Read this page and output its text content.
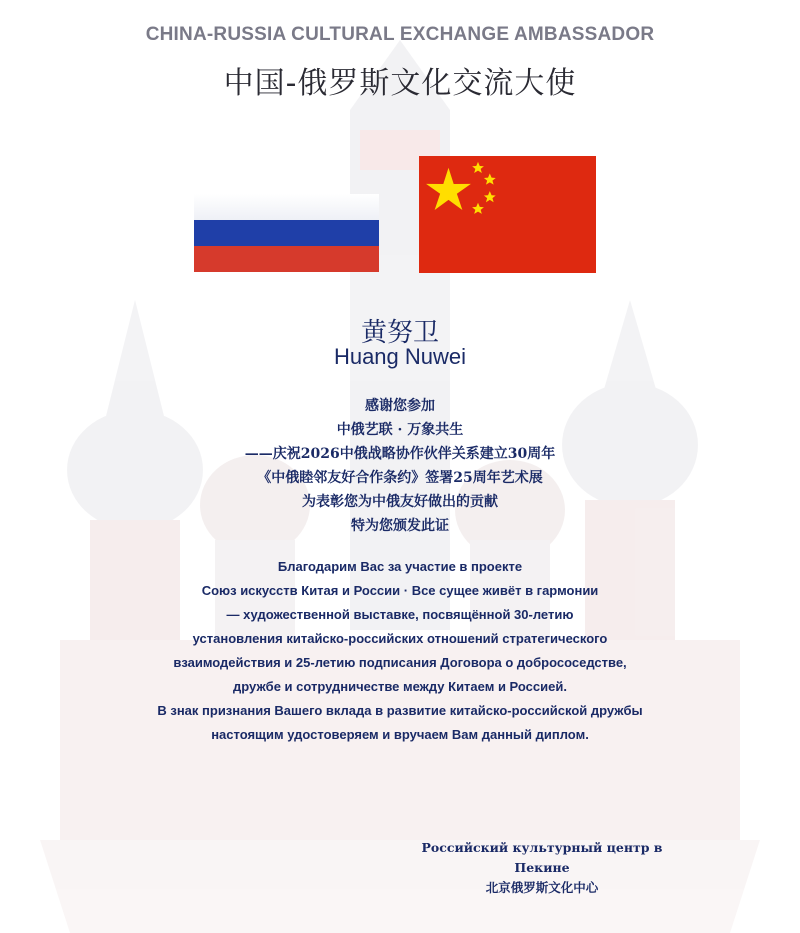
CHINA-RUSSIA CULTURAL EXCHANGE AMBASSADOR
中国-俄罗斯文化交流大使
黄努卫
Huang Nuwei
感谢您参加
中俄艺联 · 万象共生
——庆祝2026中俄战略协作伙伴关系建立30周年
《中俄睦邻友好合作条约》签署25周年艺术展
为表彰您为中俄友好做出的贡献
特为您颁发此证
Благодарим Вас за участие в проекте
Союз искусств Китая и России · Все сущее живёт в гармонии
— художественной выставке, посвящённой 30-летию
установления китайско-российских отношений стратегического
взаимодействия и 25-летию подписания Договора о добрососедстве,
дружбе и сотрудничестве между Китаем и Россией.
В знак признания Вашего вклада в развитие китайско-российской дружбы
настоящим удостоверяем и вручаем Вам данный диплом.
Российский культурный центр в Пекине
北京俄罗斯文化中心
